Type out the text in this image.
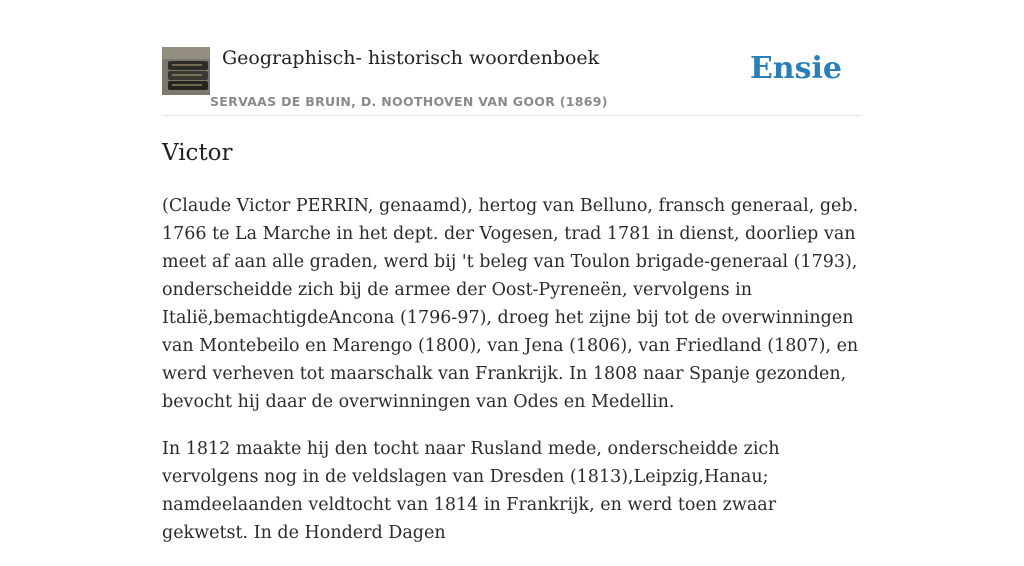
Geographisch- historisch woordenboek
SERVAAS DE BRUIN, D. NOOTHOVEN VAN GOOR (1869)
Ensie
Victor

(Claude Victor PERRIN, genaamd), hertog van Belluno, fransch generaal, geb. 1766 te La Marche in het dept. der Vogesen, trad 1781 in dienst, doorliep van meet af aan alle graden, werd bij 't beleg van Toulon brigade-generaal (1793), onderscheidde zich bij de armee der Oost-Pyreneën, vervolgens in Italië,bemachtigdeAncona (1796-97), droeg het zijne bij tot de overwinningen van Montebeilo en Marengo (1800), van Jena (1806), van Friedland (1807), en werd verheven tot maarschalk van Frankrijk. In 1808 naar Spanje gezonden, bevocht hij daar de overwinningen van Odes en Medellin.

In 1812 maakte hij den tocht naar Rusland mede, onderscheidde zich vervolgens nog in de veldslagen van Dresden (1813),Leipzig,Hanau; namdeelaanden veldtocht van 1814 in Frankrijk, en werd toen zwaar gekwetst. In de Honderd Dagen
